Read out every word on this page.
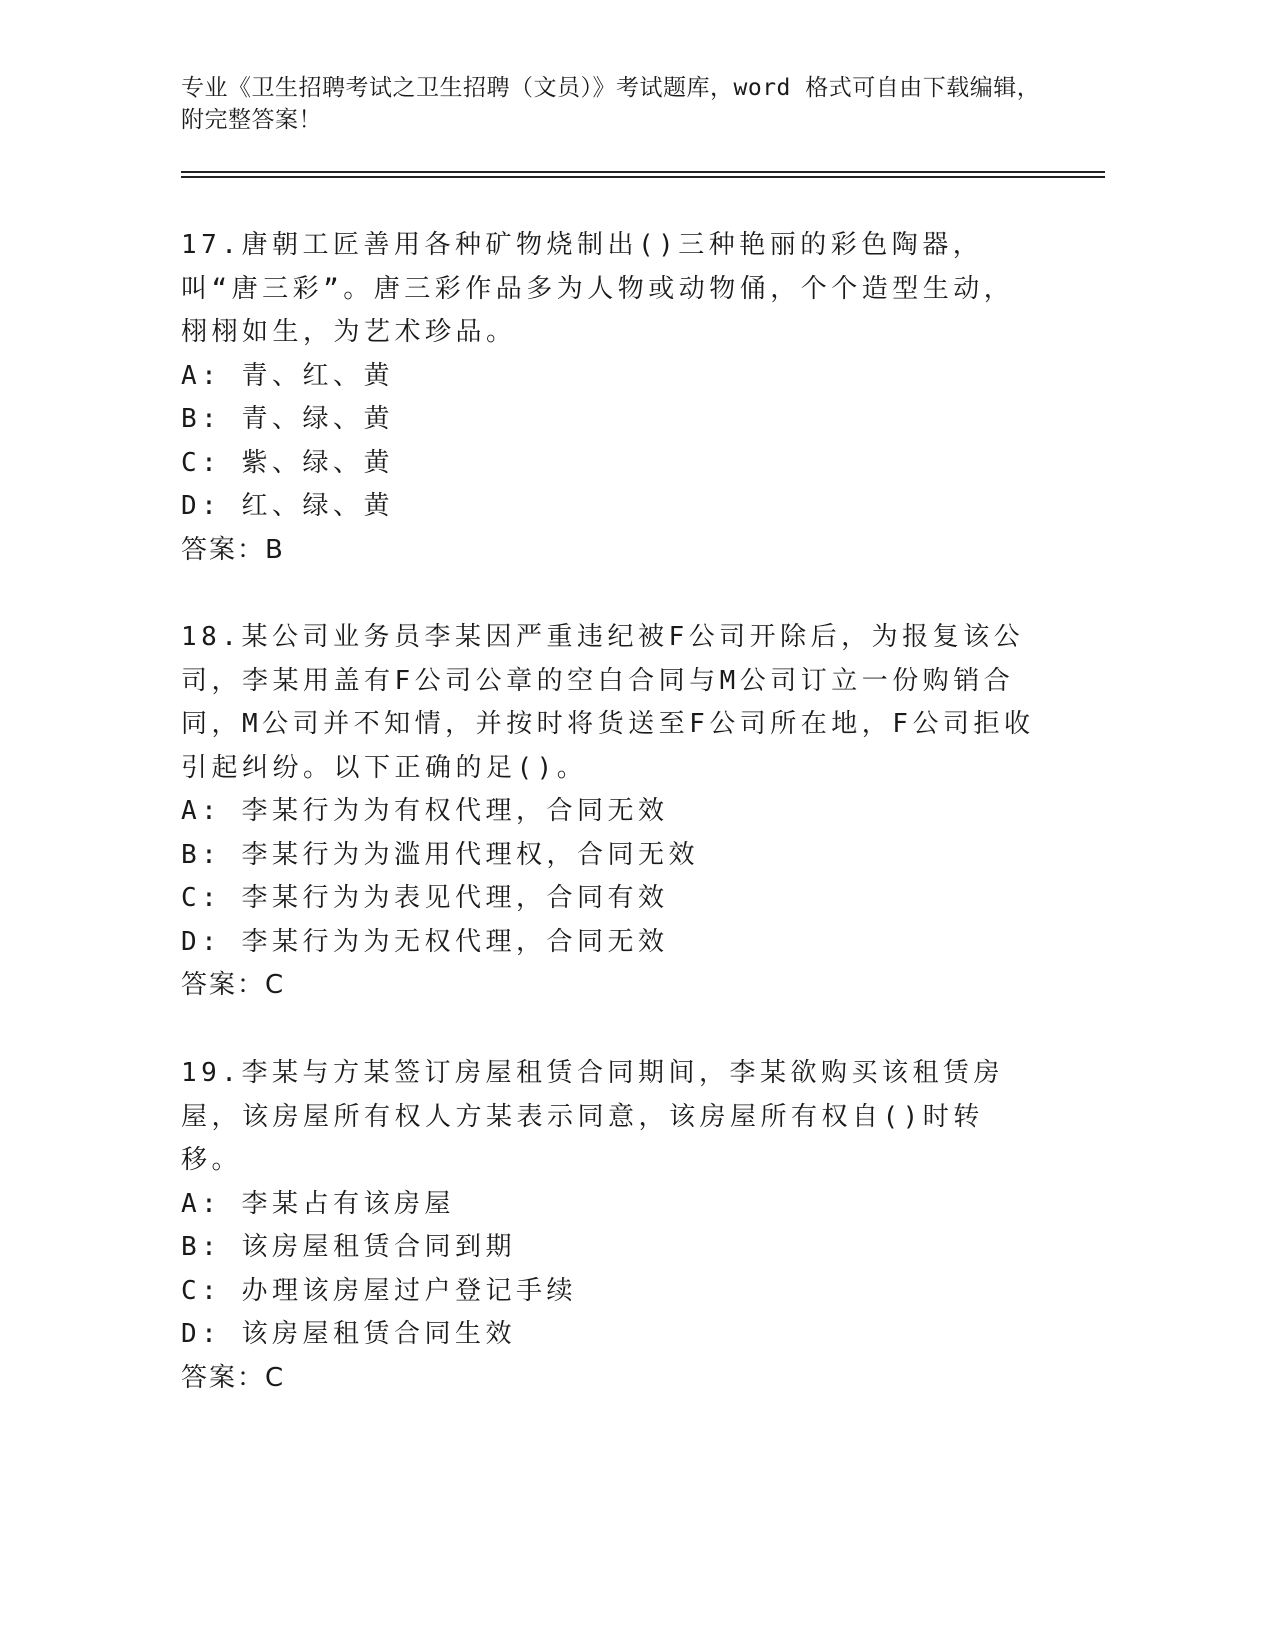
专业《卫生招聘考试之卫生招聘（文员）》考试题库，word 格式可自由下载编辑，附完整答案！

17.唐朝工匠善用各种矿物烧制出()三种艳丽的彩色陶器，叫“唐三彩”。唐三彩作品多为人物或动物俑，个个造型生动，栩栩如生，为艺术珍品。

A: 青、红、黄

B: 青、绿、黄

C: 紫、绿、黄

D: 红、绿、黄

答案：B

18.某公司业务员李某因严重违纪被F公司开除后，为报复该公司，李某用盖有F公司公章的空白合同与M公司订立一份购销合同，M公司并不知情，并按时将货送至F公司所在地，F公司拒收引起纠纷。以下正确的足()。

A: 李某行为为有权代理，合同无效

B: 李某行为为滥用代理权，合同无效

C: 李某行为为表见代理，合同有效

D: 李某行为为无权代理，合同无效

答案：C

19.李某与方某签订房屋租赁合同期间，李某欲购买该租赁房屋，该房屋所有权人方某表示同意，该房屋所有权自()时转移。

A: 李某占有该房屋

B: 该房屋租赁合同到期

C: 办理该房屋过户登记手续

D: 该房屋租赁合同生效

答案：C
